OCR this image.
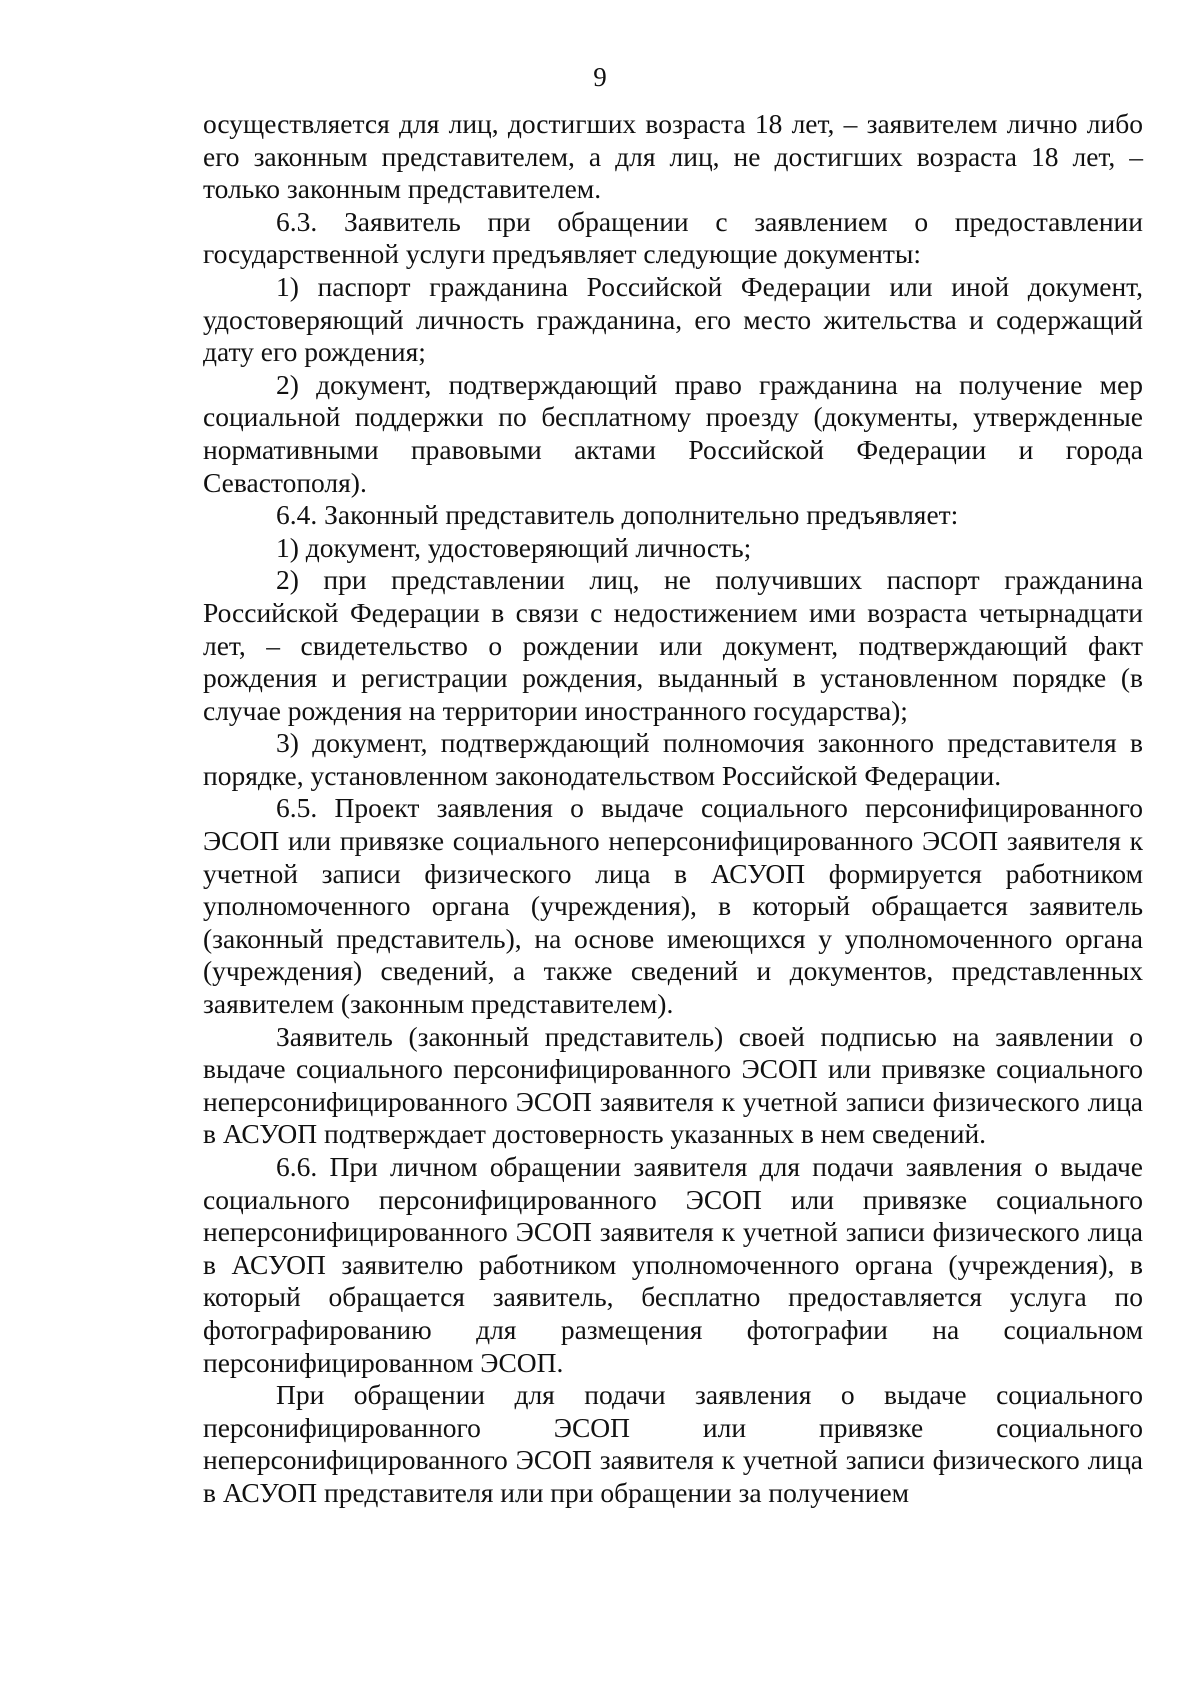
9

осуществляется для лиц, достигших возраста 18 лет, – заявителем лично либо его законным представителем, а для лиц, не достигших возраста 18 лет, – только законным представителем.

6.3. Заявитель при обращении с заявлением о предоставлении государственной услуги предъявляет следующие документы:

1) паспорт гражданина Российской Федерации или иной документ, удостоверяющий личность гражданина, его место жительства и содержащий дату его рождения;

2) документ, подтверждающий право гражданина на получение мер социальной поддержки по бесплатному проезду (документы, утвержденные нормативными правовыми актами Российской Федерации и города Севастополя).

6.4. Законный представитель дополнительно предъявляет:

1) документ, удостоверяющий личность;

2) при представлении лиц, не получивших паспорт гражданина Российской Федерации в связи с недостижением ими возраста четырнадцати лет, – свидетельство о рождении или документ, подтверждающий факт рождения и регистрации рождения, выданный в установленном порядке (в случае рождения на территории иностранного государства);

3) документ, подтверждающий полномочия законного представителя в порядке, установленном законодательством Российской Федерации.

6.5. Проект заявления о выдаче социального персонифицированного ЭСОП или привязке социального неперсонифицированного ЭСОП заявителя к учетной записи физического лица в АСУОП формируется работником уполномоченного органа (учреждения), в который обращается заявитель (законный представитель), на основе имеющихся у уполномоченного органа (учреждения) сведений, а также сведений и документов, представленных заявителем (законным представителем).

Заявитель (законный представитель) своей подписью на заявлении о выдаче социального персонифицированного ЭСОП или привязке социального неперсонифицированного ЭСОП заявителя к учетной записи физического лица в АСУОП подтверждает достоверность указанных в нем сведений.

6.6. При личном обращении заявителя для подачи заявления о выдаче социального персонифицированного ЭСОП или привязке социального неперсонифицированного ЭСОП заявителя к учетной записи физического лица в АСУОП заявителю работником уполномоченного органа (учреждения), в который обращается заявитель, бесплатно предоставляется услуга по фотографированию для размещения фотографии на социальном персонифицированном ЭСОП.

При обращении для подачи заявления о выдаче социального персонифицированного ЭСОП или привязке социального неперсонифицированного ЭСОП заявителя к учетной записи физического лица в АСУОП представителя или при обращении за получением
